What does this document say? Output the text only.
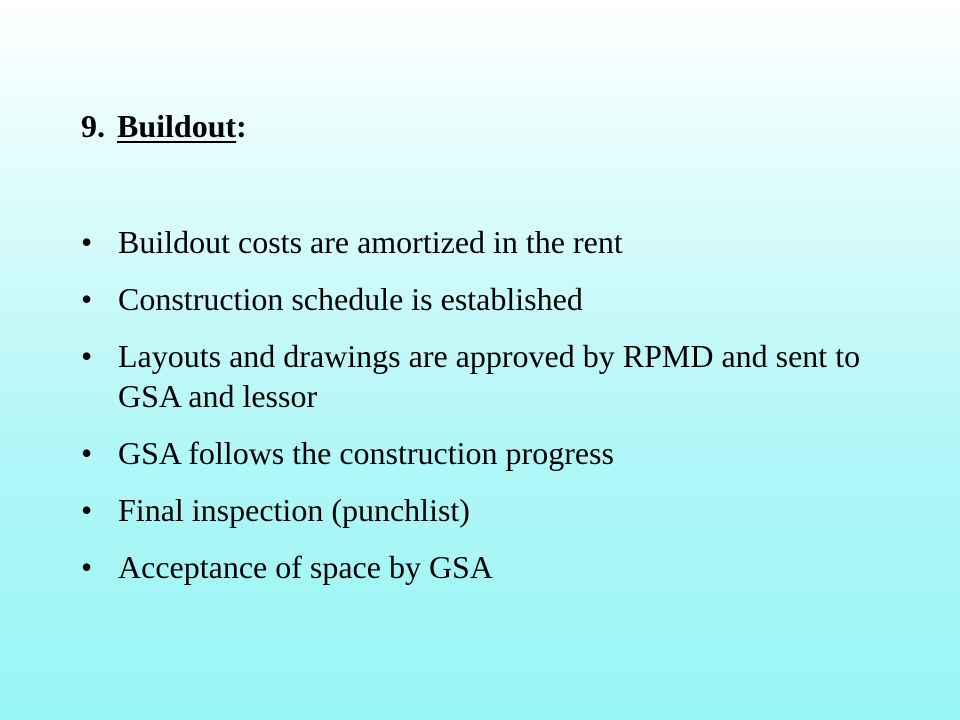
9. Buildout:
• Buildout costs are amortized in the rent
• Construction schedule is established
• Layouts and drawings are approved by RPMD and sent to GSA and lessor
• GSA follows the construction progress
• Final inspection (punchlist)
• Acceptance of space by GSA
